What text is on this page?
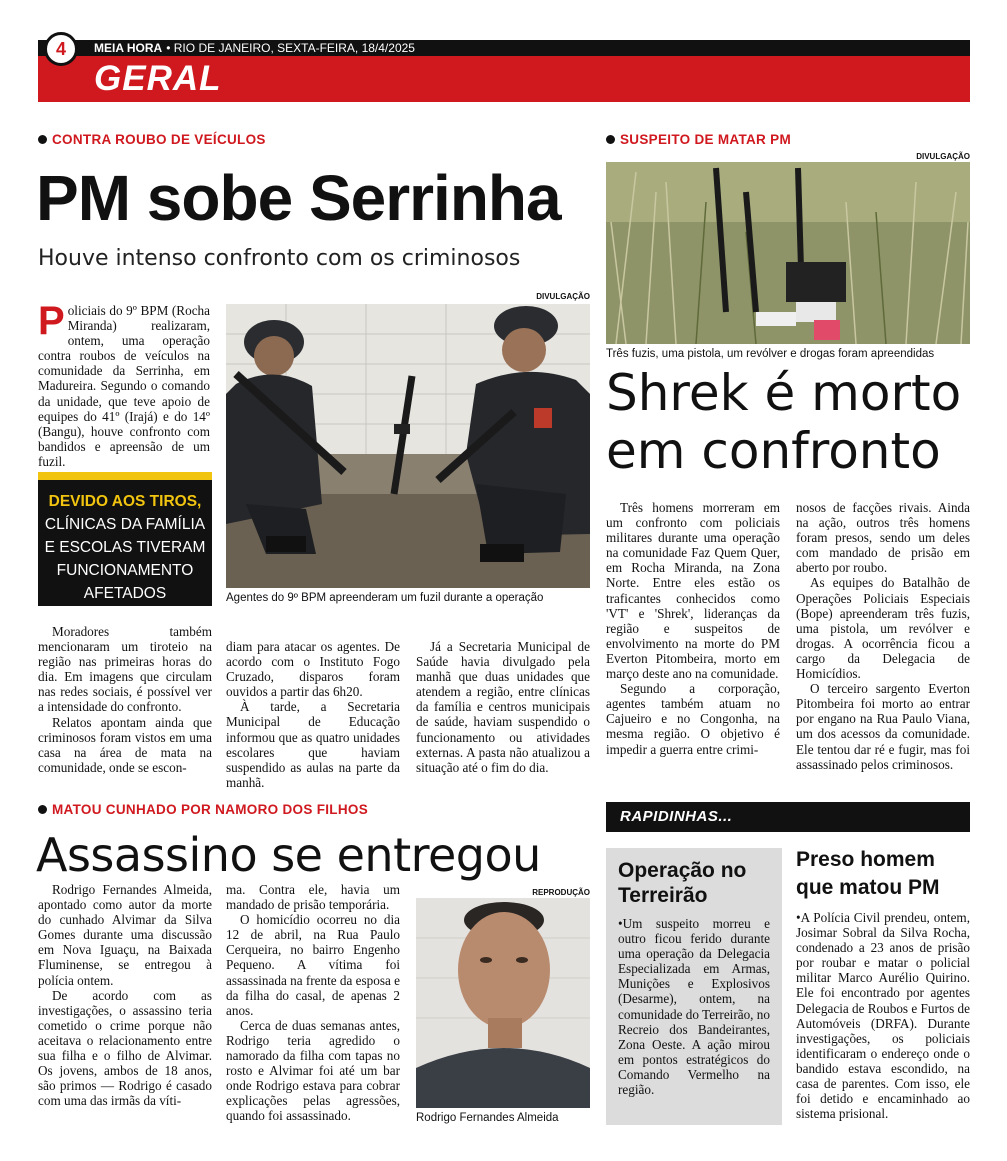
MEIA HORA • RIO DE JANEIRO, SEXTA-FEIRA, 18/4/2025
GERAL
4
CONTRA ROUBO DE VEÍCULOS
PM sobe Serrinha
Houve intenso confronto com os criminosos
Policiais do 9º BPM (Rocha Miranda) realizaram, ontem, uma operação contra roubos de veículos na comunidade da Serrinha, em Madureira. Segundo o comando da unidade, que teve apoio de equipes do 41º (Irajá) e do 14º (Bangu), houve confronto com bandidos e apreensão de um fuzil.
DEVIDO AOS TIROS,
CLÍNICAS DA FAMÍLIA E ESCOLAS TIVERAM FUNCIONAMENTO AFETADOS
DIVULGAÇÃO
Agentes do 9º BPM apreenderam um fuzil durante a operação

Moradores também mencionaram um tiroteio na região nas primeiras horas do dia. Em imagens que circulam nas redes sociais, é possível ver a intensidade do confronto.

Relatos apontam ainda que criminosos foram vistos em uma casa na área de mata na comunidade, onde se escon-

diam para atacar os agentes. De acordo com o Instituto Fogo Cruzado, disparos foram ouvidos a partir das 6h20.

À tarde, a Secretaria Municipal de Educação informou que as quatro unidades escolares que haviam suspendido as aulas na parte da manhã.

Já a Secretaria Municipal de Saúde havia divulgado pela manhã que duas unidades que atendem a região, entre clínicas da família e centros municipais de saúde, haviam suspendido o funcionamento ou atividades externas. A pasta não atualizou a situação até o fim do dia.

SUSPEITO DE MATAR PM
DIVULGAÇÃO
Três fuzis, uma pistola, um revólver e drogas foram apreendidas
Shrek é morto
em confronto

Três homens morreram em um confronto com policiais militares durante uma operação na comunidade Faz Quem Quer, em Rocha Miranda, na Zona Norte. Entre eles estão os traficantes conhecidos como 'VT' e 'Shrek', lideranças da região e suspeitos de envolvimento na morte do PM Everton Pitombeira, morto em março deste ano na comunidade.

Segundo a corporação, agentes também atuam no Cajueiro e no Congonha, na mesma região. O objetivo é impedir a guerra entre crimi-

nosos de facções rivais. Ainda na ação, outros três homens foram presos, sendo um deles com mandado de prisão em aberto por roubo.

As equipes do Batalhão de Operações Policiais Especiais (Bope) apreenderam três fuzis, uma pistola, um revólver e drogas. A ocorrência ficou a cargo da Delegacia de Homicídios.

O terceiro sargento Everton Pitombeira foi morto ao entrar por engano na Rua Paulo Viana, um dos acessos da comunidade. Ele tentou dar ré e fugir, mas foi assassinado pelos criminosos.

MATOU CUNHADO POR NAMORO DOS FILHOS
Assassino se entregou

Rodrigo Fernandes Almeida, apontado como autor da morte do cunhado Alvimar da Silva Gomes durante uma discussão em Nova Iguaçu, na Baixada Fluminense, se entregou à polícia ontem.

De acordo com as investigações, o assassino teria cometido o crime porque não aceitava o relacionamento entre sua filha e o filho de Alvimar. Os jovens, ambos de 18 anos, são primos — Rodrigo é casado com uma das irmãs da víti-

ma. Contra ele, havia um mandado de prisão temporária.

O homicídio ocorreu no dia 12 de abril, na Rua Paulo Cerqueira, no bairro Engenho Pequeno. A vítima foi assassinada na frente da esposa e da filha do casal, de apenas 2 anos.

Cerca de duas semanas antes, Rodrigo teria agredido o namorado da filha com tapas no rosto e Alvimar foi até um bar onde Rodrigo estava para cobrar explicações pelas agressões, quando foi assassinado.

REPRODUÇÃO
Rodrigo Fernandes Almeida
RAPIDINHAS...
Operação no Terreirão
• Um suspeito morreu e outro ficou ferido durante uma operação da Delegacia Especializada em Armas, Munições e Explosivos (Desarme), ontem, na comunidade do Terreirão, no Recreio dos Bandeirantes, Zona Oeste. A ação mirou em pontos estratégicos do Comando Vermelho na região.
Preso homem que matou PM
• A Polícia Civil prendeu, ontem, Josimar Sobral da Silva Rocha, condenado a 23 anos de prisão por roubar e matar o policial militar Marco Aurélio Quirino. Ele foi encontrado por agentes Delegacia de Roubos e Furtos de Automóveis (DRFA). Durante investigações, os policiais identificaram o endereço onde o bandido estava escondido, na casa de parentes. Com isso, ele foi detido e encaminhado ao sistema prisional.
